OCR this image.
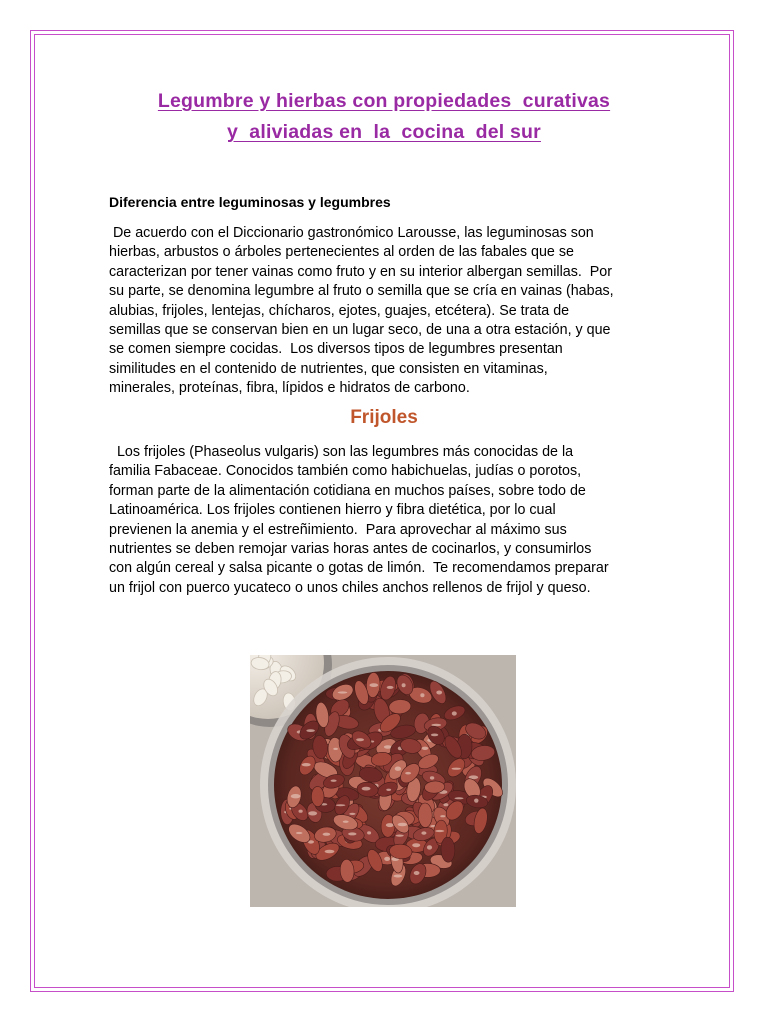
Legumbre y hierbas con propiedades  curativas
y  aliviadas en  la  cocina  del sur
Diferencia entre leguminosas y legumbres
De acuerdo con el Diccionario gastronómico Larousse, las leguminosas son
hierbas, arbustos o árboles pertenecientes al orden de las fabales que se
caracterizan por tener vainas como fruto y en su interior albergan semillas.  Por
su parte, se denomina legumbre al fruto o semilla que se cría en vainas (habas,
alubias, frijoles, lentejas, chícharos, ejotes, guajes, etcétera). Se trata de
semillas que se conservan bien en un lugar seco, de una a otra estación, y que
se comen siempre cocidas.  Los diversos tipos de legumbres presentan
similitudes en el contenido de nutrientes, que consisten en vitaminas,
minerales, proteínas, fibra, lípidos e hidratos de carbono.
Frijoles
Los frijoles (Phaseolus vulgaris) son las legumbres más conocidas de la
familia Fabaceae. Conocidos también como habichuelas, judías o porotos,
forman parte de la alimentación cotidiana en muchos países, sobre todo de
Latinoamérica. Los frijoles contienen hierro y fibra dietética, por lo cual
previenen la anemia y el estreñimiento.  Para aprovechar al máximo sus
nutrientes se deben remojar varias horas antes de cocinarlos, y consumirlos
con algún cereal y salsa picante o gotas de limón.  Te recomendamos preparar
un frijol con puerco yucateco o unos chiles anchos rellenos de frijol y queso.
